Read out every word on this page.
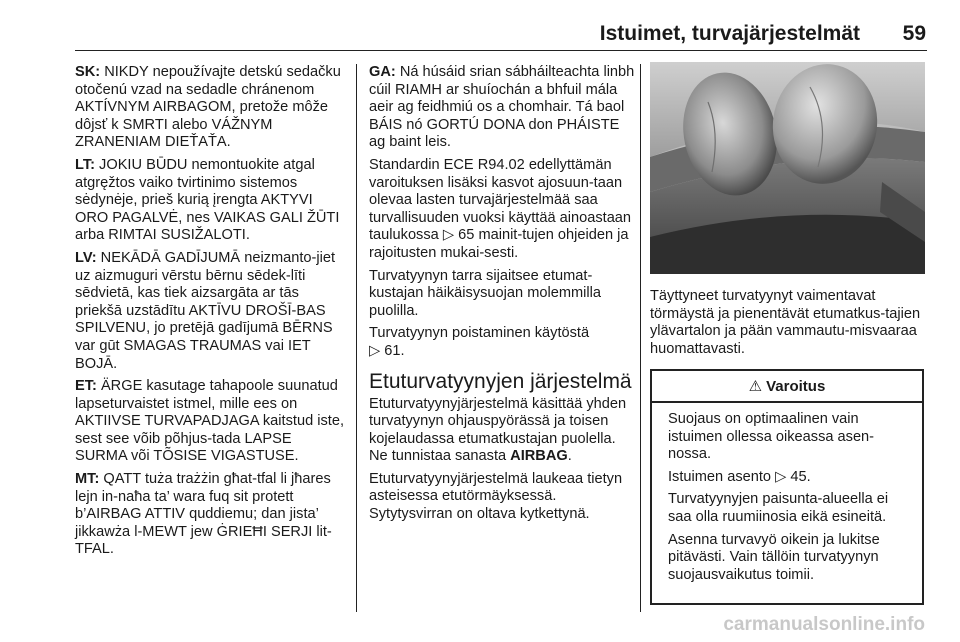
Istuimet, turvajärjestelmät	59

SK: NIKDY nepoužívajte detskú sedačku otočenú vzad na sedadle chránenom AKTÍVNYM AIRBAGOM, pretože môže dôjsť k SMRTI alebo VÁŽNYM ZRANENIAM DIEŤAŤA.

LT: JOKIU BŪDU nemontuokite atgal atgręžtos vaiko tvirtinimo sistemos sėdynėje, prieš kurią įrengta AKTYVI ORO PAGALVĖ, nes VAIKAS GALI ŽŪTI arba RIMTAI SUSIŽALOTI.

LV: NEKĀDĀ GADĪJUMĀ neizmanto-jiet uz aizmuguri vērstu bērnu sēdek-līti sēdvietā, kas tiek aizsargāta ar tās priekšā uzstādītu AKTĪVU DROŠĪ-BAS SPILVENU, jo pretējā gadījumā BĒRNS var gūt SMAGAS TRAUMAS vai IET BOJĀ.

ET: ÄRGE kasutage tahapoole suunatud lapseturvaistet istmel, mille ees on AKTIIVSE TURVAPADJAGA kaitstud iste, sest see võib põhjus-tada LAPSE SURMA või TÕSISE VIGASTUSE.

MT: QATT tuża trażżin għat-tfal li jħares lejn in-naħa ta’ wara fuq sit protett b’AIRBAG ATTIV quddiemu; dan jista’ jikkawża l-MEWT jew ĠRIEĦI SERJI lit-TFAL.

GA: Ná húsáid srian sábháilteachta linbh cúil RIAMH ar shuíochán a bhfuil mála aeir ag feidhmiú os a chomhair. Tá baol BÁIS nó GORTÚ DONA don PHÁISTE ag baint leis.

Standardin ECE R94.02 edellyttämän varoituksen lisäksi kasvot ajosuun-taan olevaa lasten turvajärjestelmää saa turvallisuuden vuoksi käyttää ainoastaan taulukossa ▷ 65 mainit-tujen ohjeiden ja rajoitusten mukai-sesti.

Turvatyynyn tarra sijaitsee etumat-kustajan häikäisysuojan molemmilla puolilla.

Turvatyynyn poistaminen käytöstä
▷ 61.

Etuturvatyynyjen järjestelmä

Etuturvatyynyjärjestelmä käsittää yhden turvatyynyn ohjauspyörässä ja toisen kojelaudassa etumatkustajan puolella. Ne tunnistaa sanasta AIRBAG.

Etuturvatyynyjärjestelmä laukeaa tietyn asteisessa etutörmäyksessä. Sytytysvirran on oltava kytkettynä.

Täyttyneet turvatyynyt vaimentavat törmäystä ja pienentävät etumatkus-tajien ylävartalon ja pään vammautu-misvaaraa huomattavasti.

⚠ Varoitus

Suojaus on optimaalinen vain istuimen ollessa oikeassa asen-nossa.

Istuimen asento ▷ 45.

Turvatyynyjen paisunta-alueella ei saa olla ruumiinosia eikä esineitä.

Asenna turvavyö oikein ja lukitse pitävästi. Vain tällöin turvatyynyn suojausvaikutus toimii.

carmanualsonline.info
